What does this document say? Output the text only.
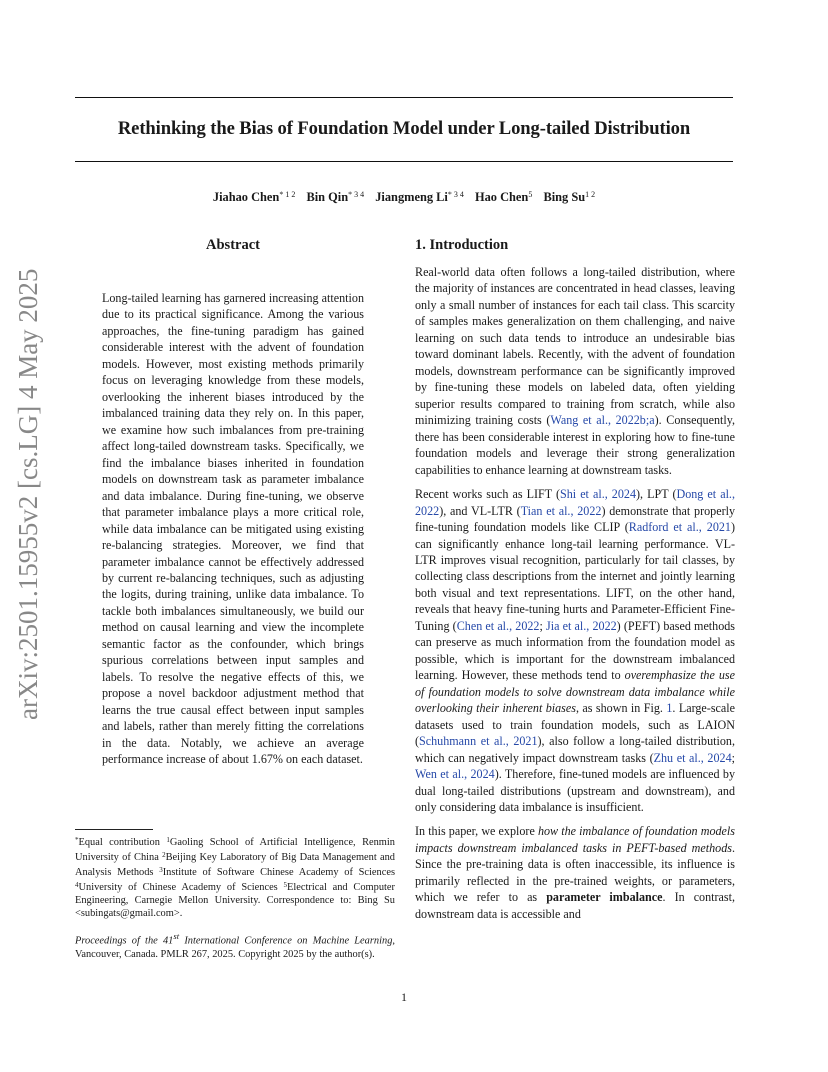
Rethinking the Bias of Foundation Model under Long-tailed Distribution
Jiahao Chen$^{* 1 2}$ Bin Qin$^{* 3 4}$ Jiangmeng $Li^{* 3 4}$ Hao Chen$^5$ Bing $Su^{1 2}$
arXiv:2501.15955v2 [cs.LG] 4 May 2025
Abstract
Long-tailed learning has garnered increasing attention due to its practical significance. Among the various approaches, the fine-tuning paradigm has gained considerable interest with the advent of foundation models. However, most existing methods primarily focus on leveraging knowledge from these models, overlooking the inherent biases introduced by the imbalanced training data they rely on. In this paper, we examine how such imbalances from pre-training affect long-tailed downstream tasks. Specifically, we find the imbalance biases inherited in foundation models on downstream task as parameter imbalance and data imbalance. During fine-tuning, we observe that parameter imbalance plays a more critical role, while data imbalance can be mitigated using existing re-balancing strategies. Moreover, we find that parameter imbalance cannot be effectively addressed by current re-balancing techniques, such as adjusting the logits, during training, unlike data imbalance. To tackle both imbalances simultaneously, we build our method on causal learning and view the incomplete semantic factor as the confounder, which brings spurious correlations between input samples and labels. To resolve the negative effects of this, we propose a novel backdoor adjustment method that learns the true causal effect between input samples and labels, rather than merely fitting the correlations in the data. Notably, we achieve an average performance increase of about 1.67% on each dataset.
*Equal contribution $^1$Gaoling School of Artificial Intelligence, Renmin University of China $^2$Beijing Key Laboratory of Big Data Management and Analysis Methods $^3$Institute of Software Chinese Academy of Sciences $^4$University of Chinese Academy of Sciences $^5$Electrical and Computer Engineering, Carnegie Mellon University. Correspondence to: Bing Su <subingats@gmail.com>.
Proceedings of the 41st International Conference on Machine Learning, Vancouver, Canada. PMLR 267, 2025. Copyright 2025 by the author(s).
1. Introduction

Real-world data often follows a long-tailed distribution, where the majority of instances are concentrated in head classes, leaving only a small number of instances for each tail class. This scarcity of samples makes generalization on them challenging, and naive learning on such data tends to introduce an undesirable bias toward dominant labels. Recently, with the advent of foundation models, downstream performance can be significantly improved by fine-tuning these models on labeled data, often yielding superior results compared to training from scratch, while also minimizing training costs (Wang et al., 2022b;a). Consequently, there has been considerable interest in exploring how to fine-tune foundation models and leverage their strong generalization capabilities to enhance learning at downstream tasks.

Recent works such as LIFT (Shi et al., 2024), LPT (Dong et al., 2022), and VL-LTR (Tian et al., 2022) demonstrate that properly fine-tuning foundation models like CLIP (Radford et al., 2021) can significantly enhance long-tail learning performance. VL-LTR improves visual recognition, particularly for tail classes, by collecting class descriptions from the internet and jointly learning both visual and text representations. LIFT, on the other hand, reveals that heavy fine-tuning hurts and Parameter-Efficient Fine-Tuning (Chen et al., 2022; Jia et al., 2022) (PEFT) based methods can preserve as much information from the foundation model as possible, which is important for the downstream imbalanced learning. However, these methods tend to overemphasize the use of foundation models to solve downstream data imbalance while overlooking their inherent biases, as shown in Fig. 1. Large-scale datasets used to train foundation models, such as LAION (Schuhmann et al., 2021), also follow a long-tailed distribution, which can negatively impact downstream tasks (Zhu et al., 2024; Wen et al., 2024). Therefore, fine-tuned models are influenced by dual long-tailed distributions (upstream and downstream), and only considering data imbalance is insufficient.

In this paper, we explore how the imbalance of foundation models impacts downstream imbalanced tasks in PEFT-based methods. Since the pre-training data is often inaccessible, its influence is primarily reflected in the pre-trained weights, or parameters, which we refer to as parameter imbalance. In contrast, downstream data is accessible and

1
